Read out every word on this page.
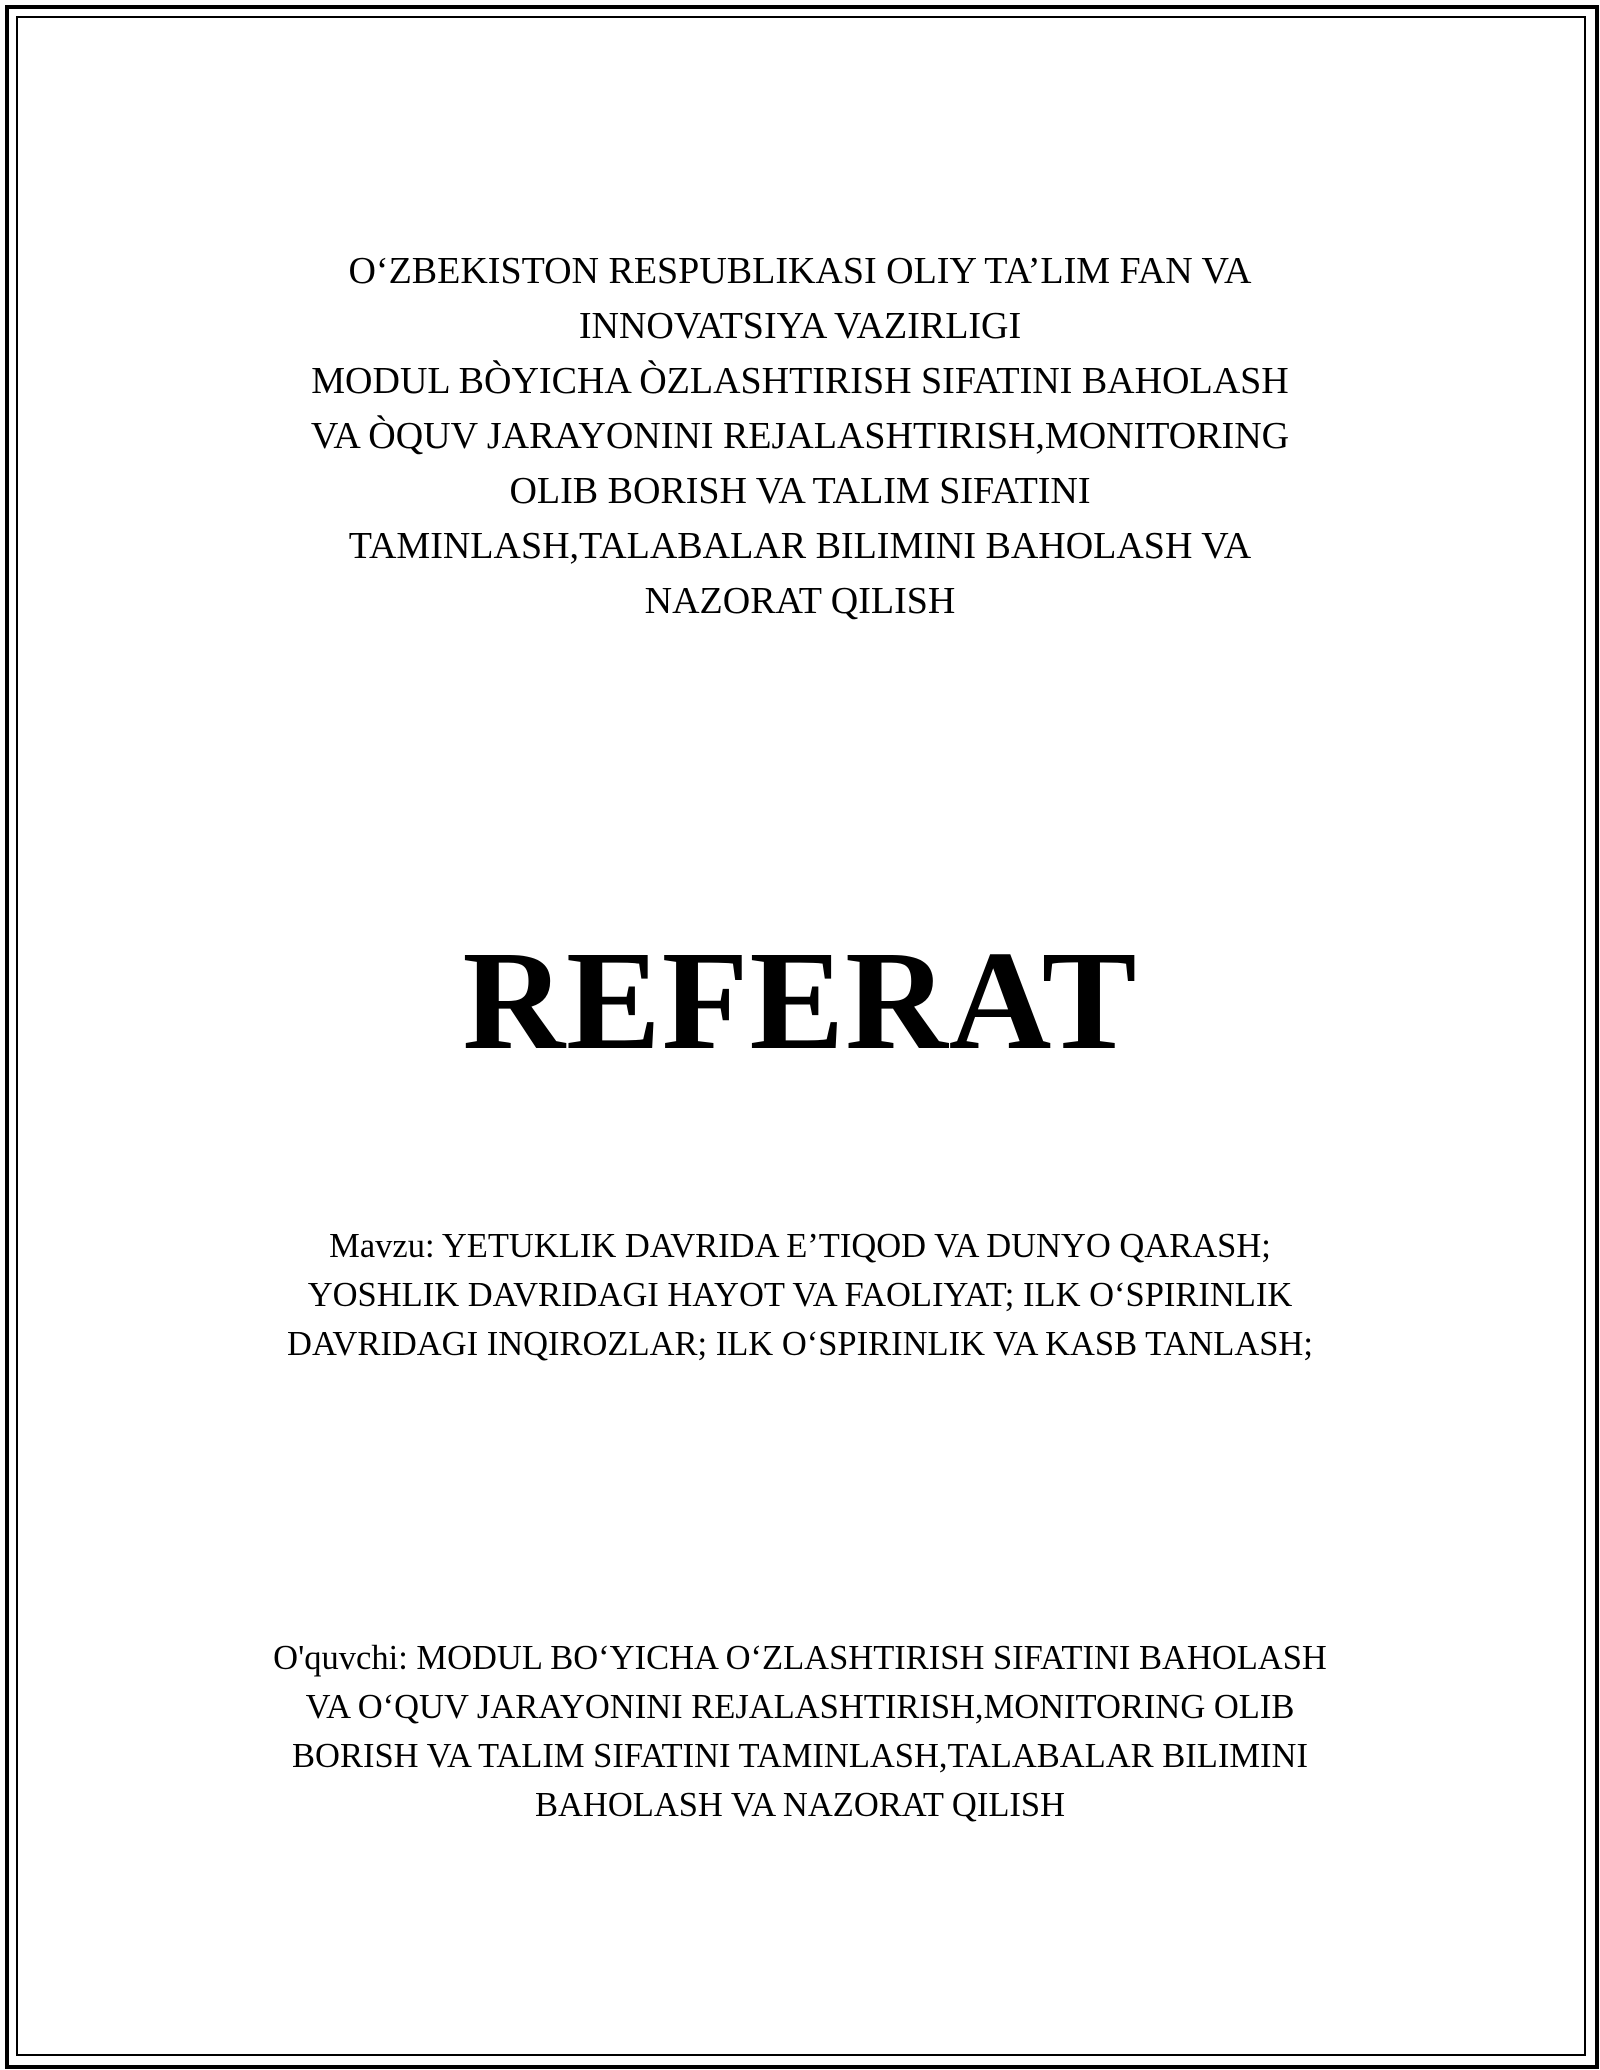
O‘ZBEKISTON RESPUBLIKASI OLIY TA’LIM FAN VA
INNOVATSIYA VAZIRLIGI
MODUL BÒYICHA ÒZLASHTIRISH SIFATINI BAHOLASH
VA ÒQUV JARAYONINI REJALASHTIRISH,MONITORING
OLIB BORISH VA TALIM SIFATINI
TAMINLASH,TALABALAR BILIMINI BAHOLASH VA
NAZORAT QILISH
REFERAT
Mavzu: YETUKLIK DAVRIDA E’TIQOD VA DUNYO QARASH;
YOSHLIK DAVRIDAGI HAYOT VA FAOLIYAT; ILK O‘SPIRINLIK
DAVRIDAGI INQIROZLAR; ILK O‘SPIRINLIK VA KASB TANLASH;
O'quvchi: MODUL BO‘YICHA O‘ZLASHTIRISH SIFATINI BAHOLASH
VA O‘QUV JARAYONINI REJALASHTIRISH,MONITORING OLIB
BORISH VA TALIM SIFATINI TAMINLASH,TALABALAR BILIMINI
BAHOLASH VA NAZORAT QILISH
